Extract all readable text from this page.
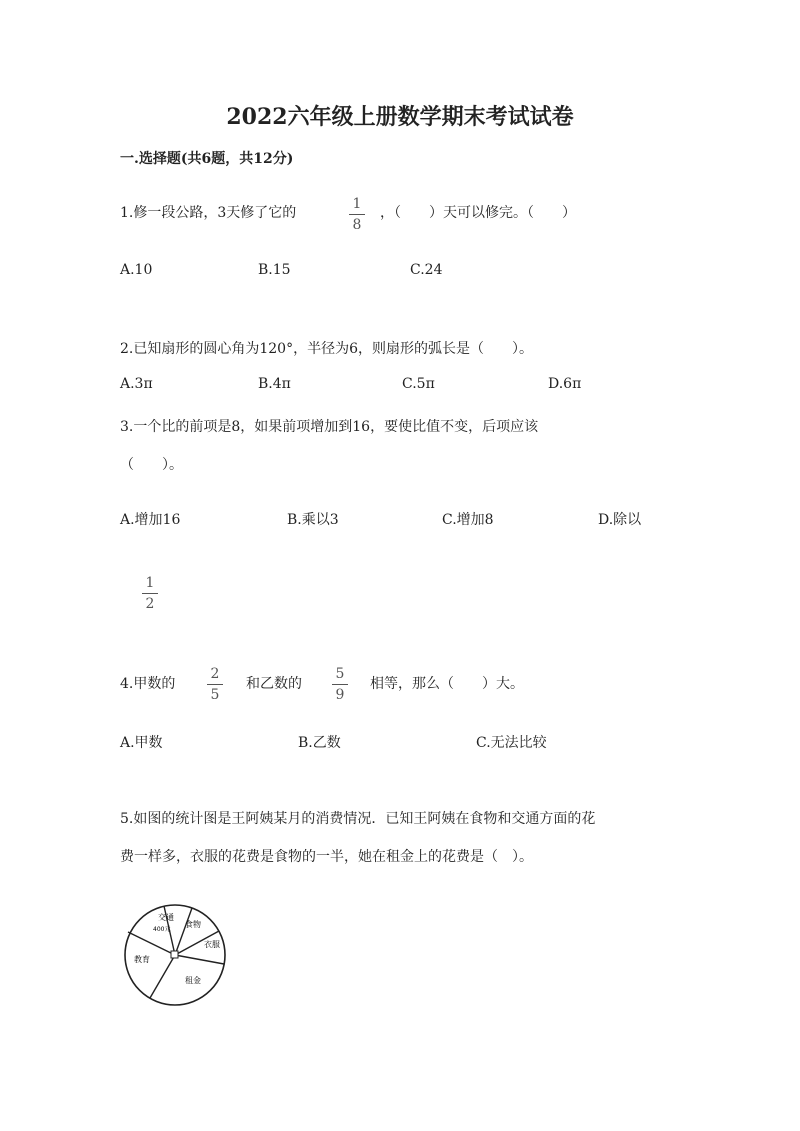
2022六年级上册数学期末考试试卷
一.选择题(共6题，共12分)
1.修一段公路，3天修了它的
1
8
，（　　）天可以修完。（　　）
A.10	B.15	C.24
2.已知扇形的圆心角为120°，半径为6，则扇形的弧长是（　　）。
A.3π	B.4π	C.5π	D.6π
3.一个比的前项是8，如果前项增加到16，要使比值不变，后项应该
（　　）。
A.增加16	B.乘以3	C.增加8	D.除以
1
2
4.甲数的
2
5
和乙数的
5
9
相等，那么（　　）大。
A.甲数	B.乙数	C.无法比较
5.如图的统计图是王阿姨某月的消费情况．已知王阿姨在食物和交通方面的花
费一样多，衣服的花费是食物的一半，她在租金上的花费是（　）。
交通
400元
食物
衣服
教育
租金
